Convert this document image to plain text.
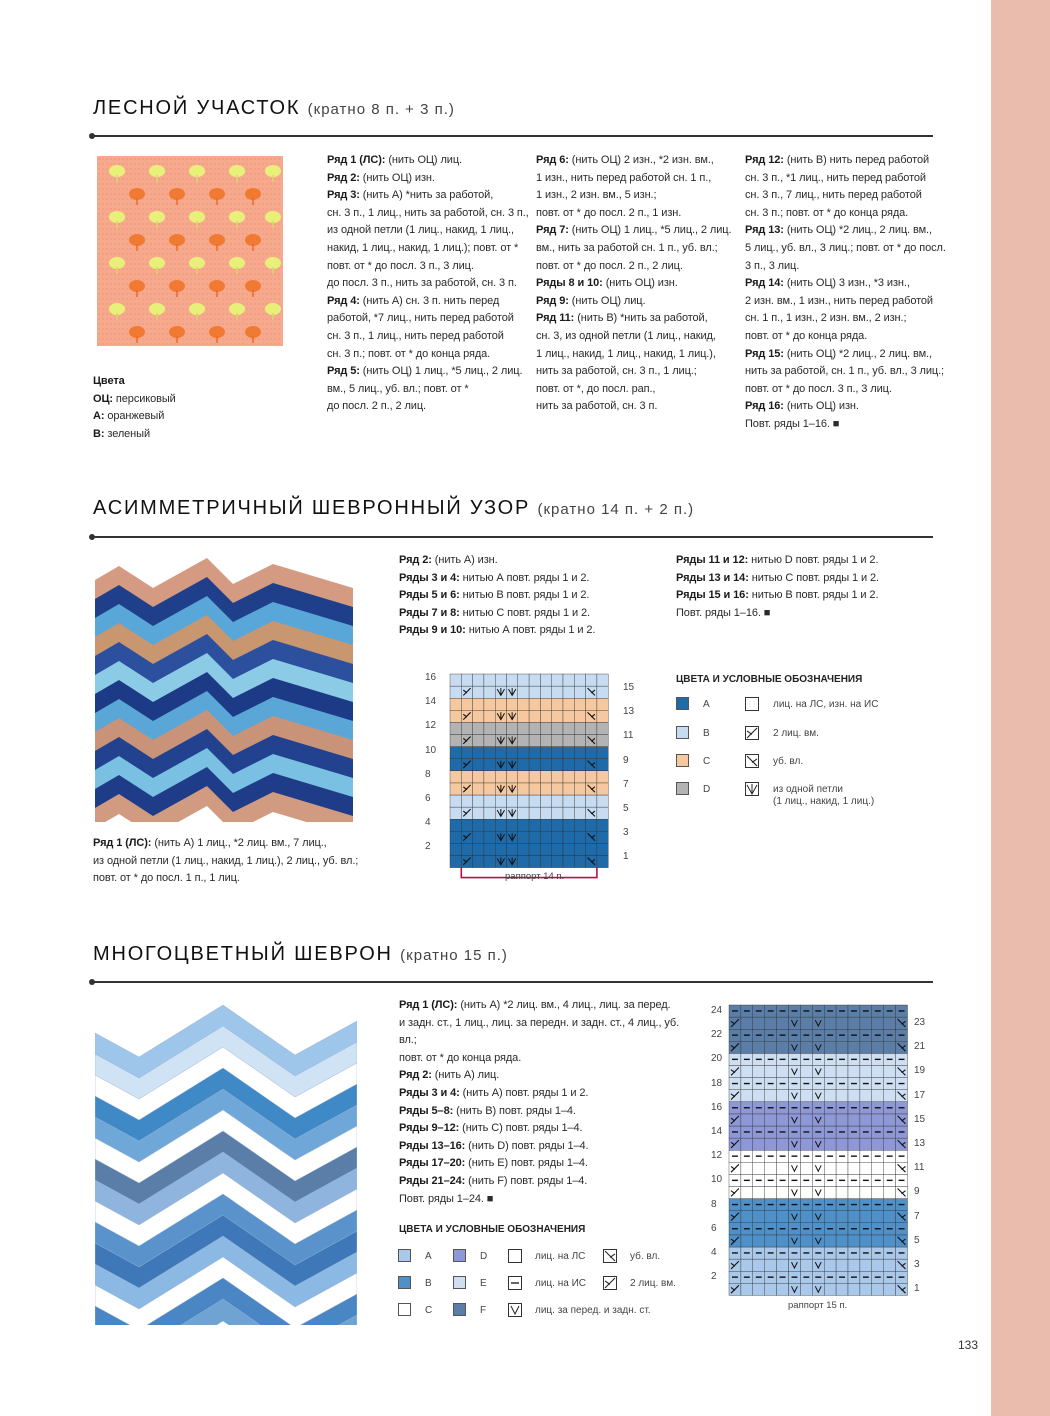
ЛЕСНОЙ УЧАСТОК (кратно 8 п. + 3 п.)

Цвета

ОЦ: персиковый

А: оранжевый

В: зеленый

Ряд 1 (ЛС): (нить ОЦ) лиц.

Ряд 2: (нить ОЦ) изн.

Ряд 3: (нить А) *нить за работой,

сн. 3 п., 1 лиц., нить за работой, сн. 3 п.,

из одной петли (1 лиц., накид, 1 лиц.,

накид, 1 лиц., накид, 1 лиц.); повт. от *

повт. от * до посл. 3 п., 3 лиц.

до посл. 3 п., нить за работой, сн. 3 п.

Ряд 4: (нить А) сн. 3 п. нить перед

работой, *7 лиц., нить перед работой

сн. 3 п., 1 лиц., нить перед работой

сн. 3 п.; повт. от * до конца ряда.

Ряд 5: (нить ОЦ) 1 лиц., *5 лиц., 2 лиц.

вм., 5 лиц., уб. вл.; повт. от *

до посл. 2 п., 2 лиц.

Ряд 6: (нить ОЦ) 2 изн., *2 изн. вм.,

1 изн., нить перед работой сн. 1 п.,

1 изн., 2 изн. вм., 5 изн.;

повт. от * до посл. 2 п., 1 изн.

Ряд 7: (нить ОЦ) 1 лиц., *5 лиц., 2 лиц.

вм., нить за работой сн. 1 п., уб. вл.;

повт. от * до посл. 2 п., 2 лиц.

Ряды 8 и 10: (нить ОЦ) изн.

Ряд 9: (нить ОЦ) лиц.

Ряд 11: (нить В) *нить за работой,

сн. 3, из одной петли (1 лиц., накид,

1 лиц., накид, 1 лиц., накид, 1 лиц.),

нить за работой, сн. 3 п., 1 лиц.;

повт. от *, до посл. рап.,

нить за работой, сн. 3 п.

Ряд 12: (нить В) нить перед работой

сн. 3 п., *1 лиц., нить перед работой

сн. 3 п., 7 лиц., нить перед работой

сн. 3 п.; повт. от * до конца ряда.

Ряд 13: (нить ОЦ) *2 лиц., 2 лиц. вм.,

5 лиц., уб. вл., 3 лиц.; повт. от * до посл.

3 п., 3 лиц.

Ряд 14: (нить ОЦ) 3 изн., *3 изн.,

2 изн. вм., 1 изн., нить перед работой

сн. 1 п., 1 изн., 2 изн. вм., 2 изн.;

повт. от * до конца ряда.

Ряд 15: (нить ОЦ) *2 лиц., 2 лиц. вм.,

нить за работой, сн. 1 п., уб. вл., 3 лиц.;

повт. от * до посл. 3 п., 3 лиц.

Ряд 16: (нить ОЦ) изн.

Повт. ряды 1–16. ■

АСИММЕТРИЧНЫЙ ШЕВРОННЫЙ УЗОР (кратно 14 п. + 2 п.)

Ряд 1 (ЛС): (нить А) 1 лиц., *2 лиц. вм., 7 лиц.,

из одной петли (1 лиц., накид, 1 лиц.), 2 лиц., уб. вл.;

повт. от * до посл. 1 п., 1 лиц.

Ряд 2: (нить А) изн.

Ряды 3 и 4: нитью А повт. ряды 1 и 2.

Ряды 5 и 6: нитью В повт. ряды 1 и 2.

Ряды 7 и 8: нитью С повт. ряды 1 и 2.

Ряды 9 и 10: нитью А повт. ряды 1 и 2.

Ряды 11 и 12: нитью D повт. ряды 1 и 2.

Ряды 13 и 14: нитью С повт. ряды 1 и 2.

Ряды 15 и 16: нитью В повт. ряды 1 и 2.

Повт. ряды 1–16. ■

16
14
12
10
8
6
4
2
15
13
11
9
7
5
3
1
раппорт 14 п.
ЦВЕТА И УСЛОВНЫЕ ОБОЗНАЧЕНИЯ
A
B
C
D
лиц. на ЛС, изн. на ИС
2 лиц. вм.
уб. вл.
из одной петли
(1 лиц., накид, 1 лиц.)
МНОГОЦВЕТНЫЙ ШЕВРОН (кратно 15 п.)

Ряд 1 (ЛС): (нить А) *2 лиц. вм., 4 лиц., лиц. за перед.

и задн. ст., 1 лиц., лиц. за передн. и задн. ст., 4 лиц., уб. вл.;

повт. от * до конца ряда.

Ряд 2: (нить А) лиц.

Ряды 3 и 4: (нить А) повт. ряды 1 и 2.

Ряды 5–8: (нить В) повт. ряды 1–4.

Ряды 9–12: (нить С) повт. ряды 1–4.

Ряды 13–16: (нить D) повт. ряды 1–4.

Ряды 17–20: (нить Е) повт. ряды 1–4.

Ряды 21–24: (нить F) повт. ряды 1–4.

Повт. ряды 1–24. ■

ЦВЕТА И УСЛОВНЫЕ ОБОЗНАЧЕНИЯ
A
B
C
D
E
F
лиц. на ЛС
лиц. на ИС
лиц. за перед. и задн. ст.
уб. вл.
2 лиц. вм.
24
22
20
18
16
14
12
10
8
6
4
2
23
21
19
17
15
13
11
9
7
5
3
1
раппорт 15 п.
133
